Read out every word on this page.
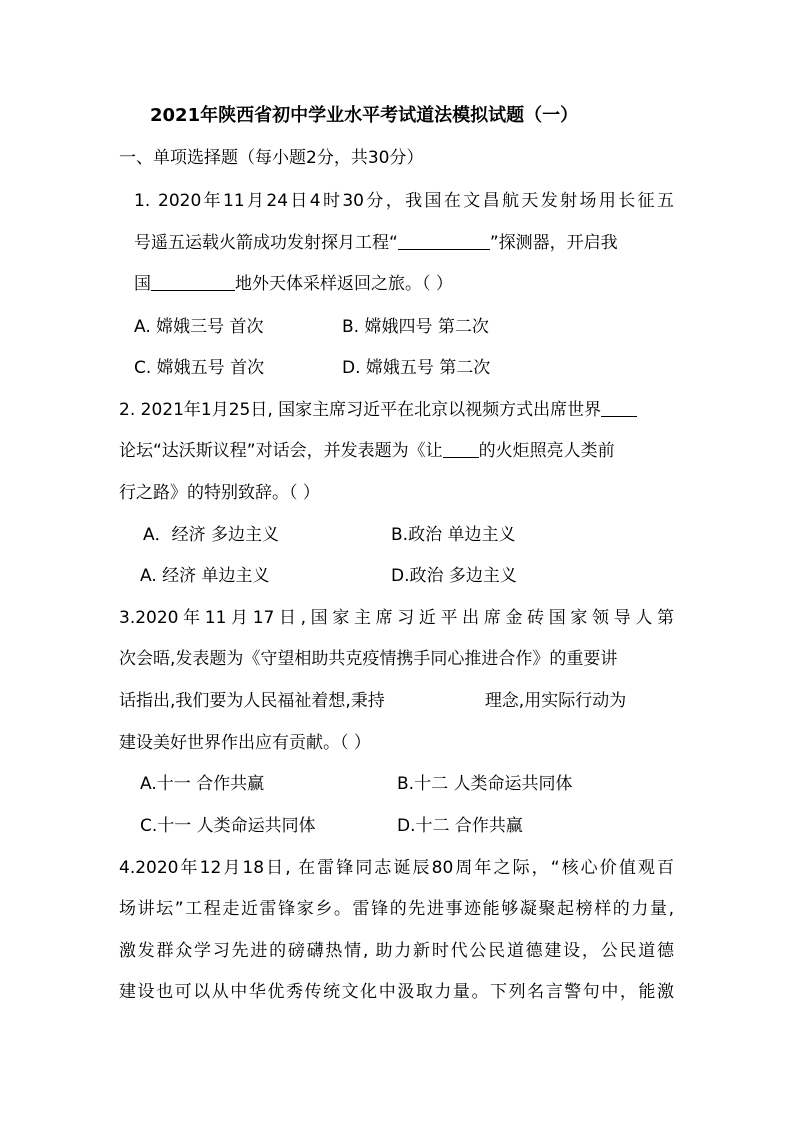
2021年陕西省初中学业水平考试道法模拟试题（一）
一、单项选择题（每小题2分，共30分）
1. 2020年11月24日4时30分，我国在文昌航天发射场用长征五
号遥五运载火箭成功发射探月工程“	”探测器，开启我
国	地外天体采样返回之旅。（ ）
A. 嫦娥三号 首次	B. 嫦娥四号 第二次
C. 嫦娥五号 首次	D. 嫦娥五号 第二次
2. 2021年1月25日, 国家主席习近平在北京以视频方式出席世界
论坛“达沃斯议程”对话会，并发表题为《让 的火炬照亮人类前
行之路》的特别致辞。（ ）
A．经济 多边主义	B.政治 单边主义
A. 经济 单边主义	D.政治 多边主义
3.2020年11月17日,国家主席习近平出席金砖国家领导人第
次会晤,发表题为《守望相助共克疫情携手同心推进合作》的重要讲
话指出,我们要为人民福祉着想,秉持	理念,用实际行动为
建设美好世界作出应有贡献。（ ）
A.十一 合作共赢	B.十二 人类命运共同体
C.十一 人类命运共同体	D.十二 合作共赢
4.2020年12月18日, 在雷锋同志诞辰80周年之际，“核心价值观百
场讲坛”工程走近雷锋家乡。雷锋的先进事迹能够凝聚起榜样的力量,
激发群众学习先进的磅礴热情, 助力新时代公民道德建设，公民道德
建设也可以从中华优秀传统文化中汲取力量。下列名言警句中，能激
